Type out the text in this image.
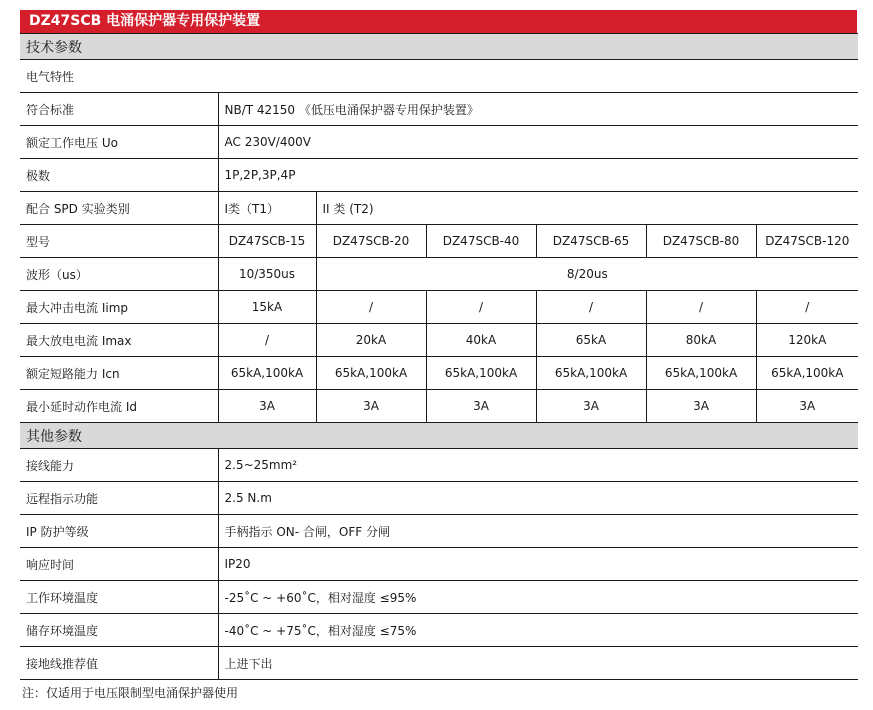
DZ47SCB 电涌保护器专用保护装置
技术参数						
电气特性						
符合标准	NB/T 42150 《低压电涌保护器专用保护装置》					
额定工作电压 Uo	AC 230V/400V					
极数	1P,2P,3P,4P					
配合 SPD 实验类别	Ⅰ类（T1）	II 类 (T2)				
型号	DZ47SCB-15	DZ47SCB-20	DZ47SCB-40	DZ47SCB-65	DZ47SCB-80	DZ47SCB-120
波形（us）	10/350us	8/20us				
最大冲击电流 Iimp	15kA	/	/	/	/	/
最大放电电流 Imax	/	20kA	40kA	65kA	80kA	120kA
额定短路能力 Icn	65kA,100kA	65kA,100kA	65kA,100kA	65kA,100kA	65kA,100kA	65kA,100kA
最小延时动作电流 Id	3A	3A	3A	3A	3A	3A
其他参数						
接线能力	2.5~25mm²					
远程指示功能	2.5 N.m					
IP 防护等级	手柄指示 ON- 合闸，OFF 分闸					
响应时间	IP20					
工作环境温度	-25˚C ~ +60˚C，相对湿度 ≤95%					
储存环境温度	-40˚C ~ +75˚C，相对湿度 ≤75%					
接地线推荐值	上进下出					
注：仅适用于电压限制型电涌保护器使用
